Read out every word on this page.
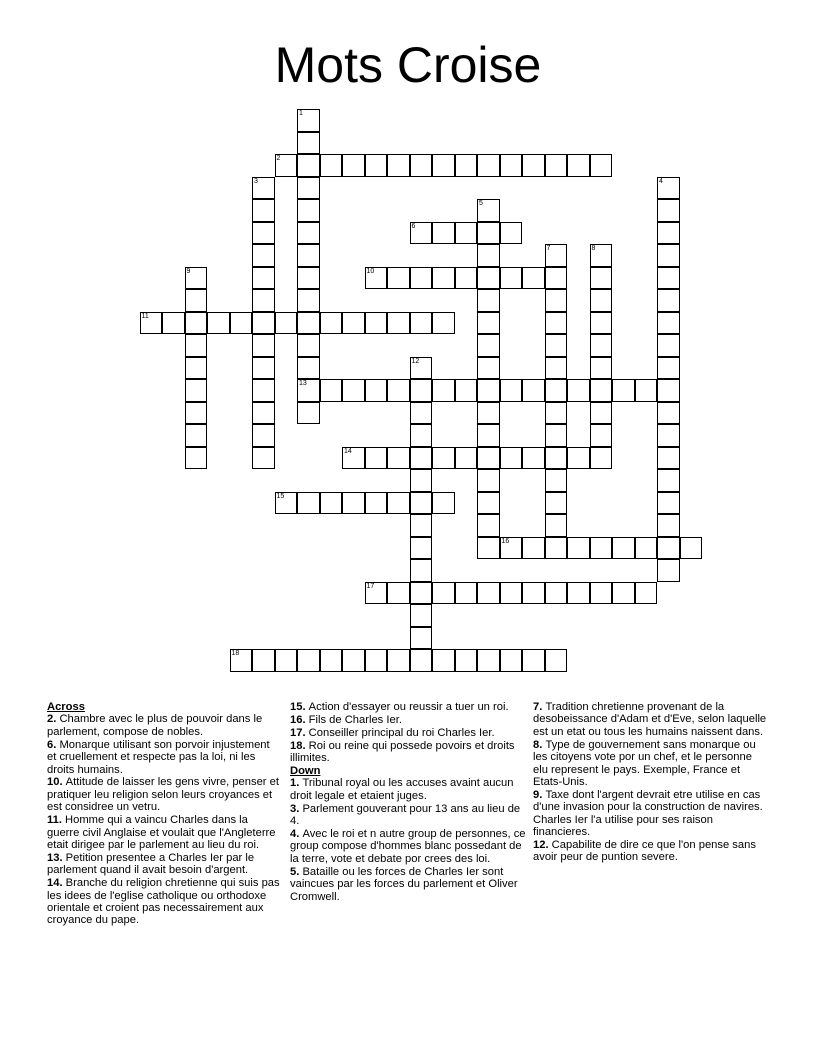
Mots Croise
1
13
2
3	4
5
6
7	8
9	10
11
12
14
15
16
17
18
Across

2. Chambre avec le plus de pouvoir dans le parlement, compose de nobles.

6. Monarque utilisant son porvoir injustement et cruellement et respecte pas la loi, ni les droits humains.

10. Attitude de laisser les gens vivre, penser et pratiquer leu religion selon leurs croyances et est considree un vetru.

11. Homme qui a vaincu Charles dans la guerre civil Anglaise et voulait que l'Angleterre etait dirigee par le parlement au lieu du roi.

13. Petition presentee a Charles Ier par le parlement quand il avait besoin d'argent.

14. Branche du religion chretienne qui suis pas les idees de l'eglise catholique ou orthodoxe orientale et croient pas necessairement aux croyance du pape.

15. Action d'essayer ou reussir a tuer un roi.

16. Fils de Charles Ier.

17. Conseiller principal du roi Charles Ier.

18. Roi ou reine qui possede povoirs et droits illimites.

Down

1. Tribunal royal ou les accuses avaint aucun droit legale et etaient juges.

3. Parlement gouverant pour 13 ans au lieu de 4.

4. Avec le roi et n autre group de personnes, ce group compose d'hommes blanc possedant de la terre, vote et debate por crees des loi.

5. Bataille ou les forces de Charles Ier sont vaincues par les forces du parlement et Oliver Cromwell.

7. Tradition chretienne provenant de la desobeissance d'Adam et d'Eve, selon laquelle est un etat ou tous les humains naissent dans.

8. Type de gouvernement sans monarque ou les citoyens vote por un chef, et le personne elu represent le pays. Exemple, France et Etats-Unis.

9. Taxe dont l'argent devrait etre utilise en cas d'une invasion pour la construction de navires. Charles Ier l'a utilise pour ses raison financieres.

12. Capabilite de dire ce que l'on pense sans avoir peur de puntion severe.
